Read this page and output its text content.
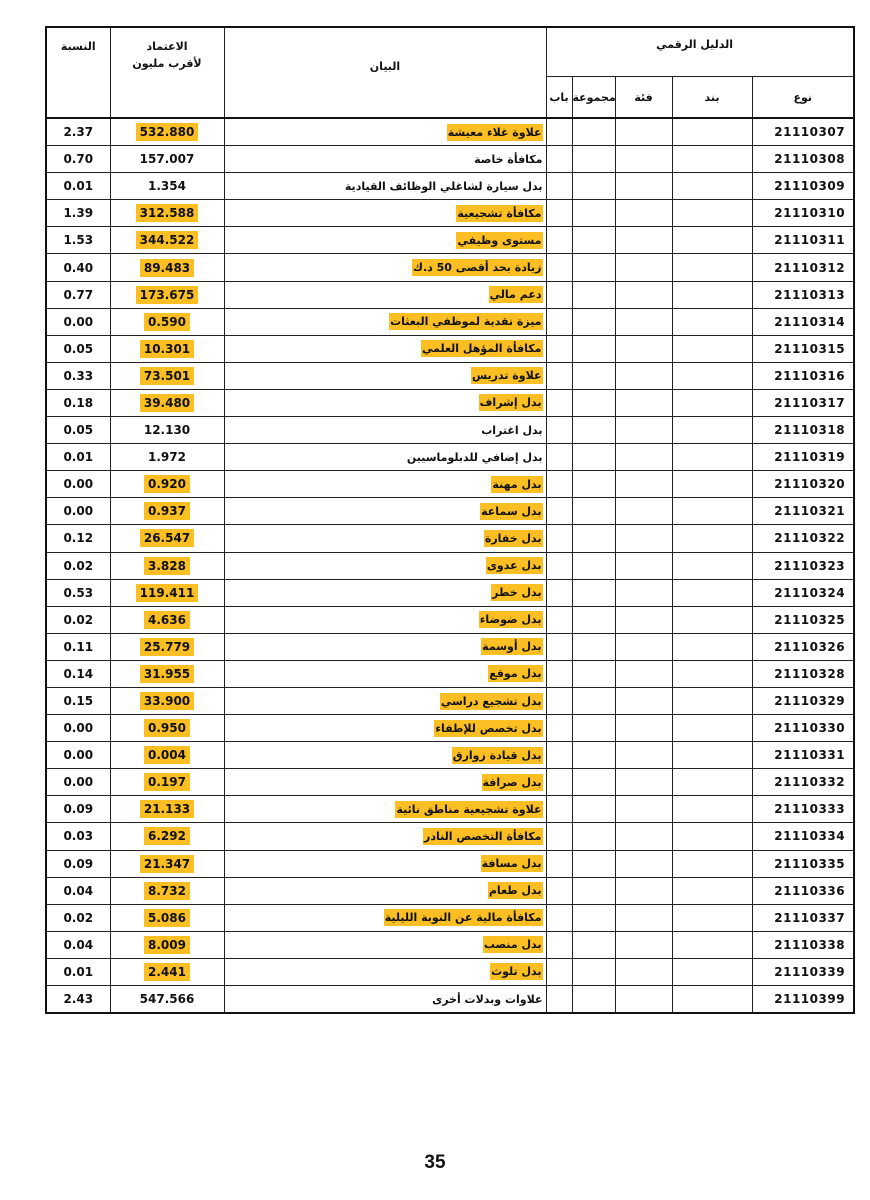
النسبة	الاعتماد
لأقرب مليون	البيان	الدليل الرقمي				
			باب	مجموعة	فئة	بند	نوع
2.37	532.880	علاوة غلاء معيشة					21110307
0.70	157.007	مكافأة خاصة					21110308
0.01	1.354	بدل سيارة لشاغلي الوظائف القيادية					21110309
1.39	312.588	مكافأة تشجيعية					21110310
1.53	344.522	مستوى وظيفي					21110311
0.40	89.483	زيادة بحد أقصى 50 د.ك					21110312
0.77	173.675	دعم مالي					21110313
0.00	0.590	ميزة نقدية لموظفي البعثات					21110314
0.05	10.301	مكافأة المؤهل العلمي					21110315
0.33	73.501	علاوة تدريس					21110316
0.18	39.480	بدل إشراف					21110317
0.05	12.130	بدل اغتراب					21110318
0.01	1.972	بدل إضافي للدبلوماسيين					21110319
0.00	0.920	بدل مهنة					21110320
0.00	0.937	بدل سماعة					21110321
0.12	26.547	بدل خفارة					21110322
0.02	3.828	بدل عدوى					21110323
0.53	119.411	بدل خطر					21110324
0.02	4.636	بدل ضوضاء					21110325
0.11	25.779	بدل أوسمة					21110326
0.14	31.955	بدل موقع					21110328
0.15	33.900	بدل تشجيع دراسي					21110329
0.00	0.950	بدل تخصص للإطفاء					21110330
0.00	0.004	بدل قيادة زوارق					21110331
0.00	0.197	بدل صرافة					21110332
0.09	21.133	علاوة تشجيعية مناطق نائية					21110333
0.03	6.292	مكافأة التخصص النادر					21110334
0.09	21.347	بدل مسافة					21110335
0.04	8.732	بدل طعام					21110336
0.02	5.086	مكافأة مالية عن النوبة الليلية					21110337
0.04	8.009	بدل منصب					21110338
0.01	2.441	بدل تلوث					21110339
2.43	547.566	علاوات وبدلات أخرى					21110399
35
